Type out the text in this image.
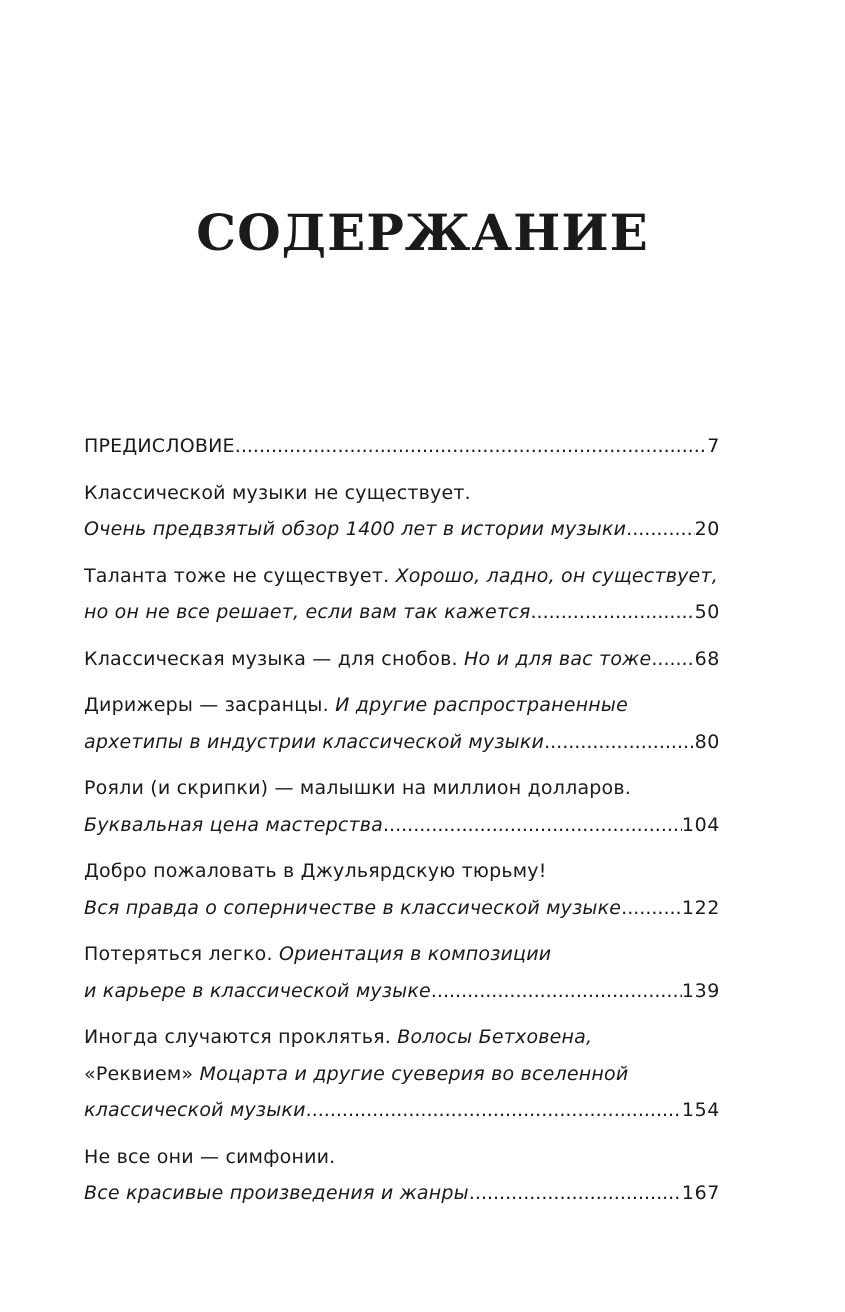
СОДЕРЖАНИЕ
ПРЕДИСЛОВИЕ .....	7
Классической музыки не существует.
Очень предвзятый обзор 1400 лет в истории музыки .....	20
Таланта тоже не существует.
Хорошо, ладно, он существует,
но он не все решает, если вам так кажется .....	50
Классическая музыка — для снобов.
Но и для вас тоже ..... 68
Дирижеры — засранцы.
И другие распространенные
архетипы в индустрии классической музыки .....	80
Рояли (и скрипки) — малышки на миллион долларов.
Буквальная цена мастерства .....	104
Добро пожаловать в Джульярдскую тюрьму!
Вся правда о соперничестве в классической музыке .....	122
Потеряться легко.
Ориентация в композиции
и карьере в классической музыке .....	139
Иногда случаются проклятья.
Волосы Бетховена,
«Реквием»
Моцарта и другие суеверия во вселенной
классической музыки .....	154
Не все они — симфонии.
Все красивые произведения и жанры .....	167
